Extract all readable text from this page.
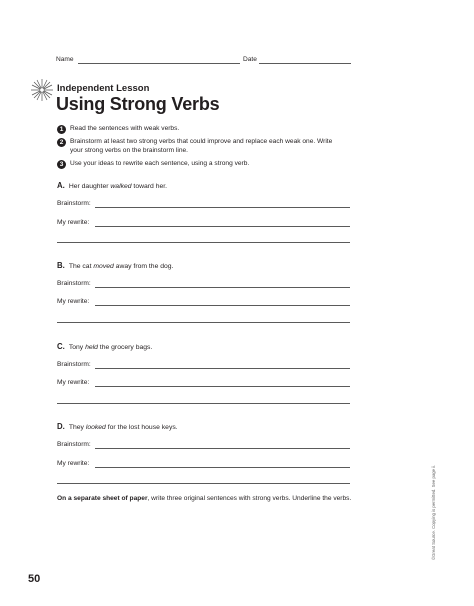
Name	Date
Independent Lesson
Using Strong Verbs
1	Read the sentences with weak verbs.
2	Brainstorm at least two strong verbs that could improve and replace each weak one. Write your strong verbs on the brainstorm line.
3	Use your ideas to rewrite each sentence, using a strong verb.
A. Her daughter walked toward her.
Brainstorm:
My rewrite:
B. The cat moved away from the dog.
Brainstorm:
My rewrite:
C. Tony held the grocery bags.
Brainstorm:
My rewrite:
D. They looked for the lost house keys.
Brainstorm:
My rewrite:
On a separate sheet of paper, write three original sentences with strong verbs. Underline the verbs.
50
©Great Source. Copying is permitted. See page ii.
